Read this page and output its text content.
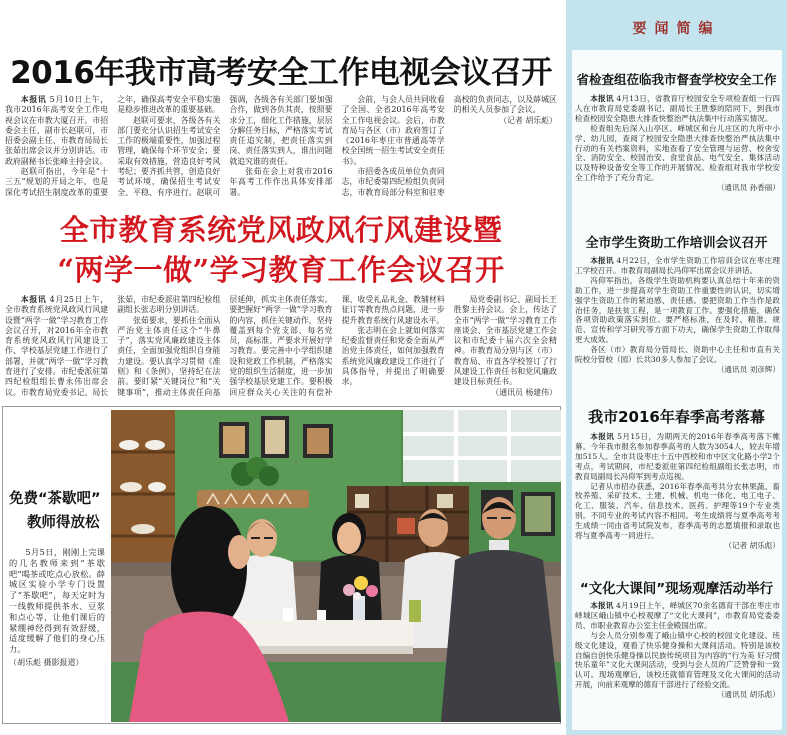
2016年我市高考安全工作电视会议召开

本报讯 5月10日上午，我市2016年高考安全工作电视会议在市教大厦召开。市招委会主任、副市长赵联可，市招委会副主任、市教育局局长张茹出席会议并分别讲话。市政府副秘书长张峰主持会议。

赵联可指出，今年是“十三五”规划的开局之年，也是深化考试招生制度改革的重要之年，确保高考安全平稳实施是稳步推进改革的重要基础。

赵联可要求，各级各有关部门要充分认识招生考试安全工作的极端重要性，加强过程管理，确保每个环节安全；要采取有效措施，营造良好考风考纪；要齐抓共管，创造良好考试环境，确保招生考试安全、平稳、有序进行。赵联可强调，各级各有关部门要加强合作，做到各负其责，按照要求分工，细化工作措施，层层分解任务目标，严格落实考试责任追究制，把责任落实到岗、责任落实到人，谁出问题就追究谁的责任。

张茹在会上对我市2016年高考工作作出具体安排部署。

会前，与会人员共同收看了全国、全省2016年高考安全工作电视会议。会后，市教育局与各区（市）政府签订了《2016年枣庄市普通高等学校全国统一招生考试安全责任书》。

市招委各成员单位负责同志，市纪委第四纪检组负责同志，市教育局部分科室和驻枣高校的负责同志，以及薛城区的相关人员参加了会议。

（记者 胡乐彪）

全市教育系统党风政风行风建设暨
“两学一做”学习教育工作会议召开

本报讯 4月25日上午，全市教育系统党风政风行风建设暨“两学一做”学习教育工作会议召开，对2016年全市教育系统党风政风行风建设工作、学校基层党建工作进行了部署，并就“两学一做”学习教育进行了安排。市纪委派驻第四纪检组组长曹永伟出席会议。市教育局党委书记、局长张茹，市纪委派驻第四纪检组副组长张志明分别讲话。

张茹要求，要抓住全面从严治党主体责任这个“牛鼻子”，落实党风廉政建设主体责任，全面加强党组织自身能力建设。要认真学习贯彻《准则》和《条例》，坚持纪在法前。要盯紧“关键岗位”和“关键事项”，推动主体责任向基层延伸，抓实主体责任落实。要把握好“两学一做”学习教育的内容，抓住关键动作，坚持覆盖到每个党支部、每名党员，高标准、严要求开展好学习教育。要完善中小学组织建设和党政工作机制，严格落实党的组织生活制度，进一步加强学校基层党建工作。要积极回应群众关心关注的有偿补课、收受礼品礼金、教辅材料征订等教育热点问题，进一步提升教育系统行风建设水平。

张志明在会上就如何落实纪委监督责任和党委全面从严治党主体责任，如何加强教育系统党风廉政建设工作进行了具体指导，并提出了明确要求。

局党委副书记、副局长王胜黎主持会议。会上，传达了全市“两学一做”学习教育工作座谈会、全市基层党建工作会议和市纪委十届六次全会精神。市教育局分别与区（市）教育局、市直各学校签订了行风建设工作责任书和党风廉政建设目标责任书。

（通讯员 杨建伟）

免费“茶歇吧”
教师得放松
5月5日，刚刚上完课的几名教师来到“茶歇吧”喝茶或吃点心放松。薛城区实验小学专门设置了“茶歇吧”，每天定时为一线教师提供茶水、豆浆和点心等，让他们课后的紧绷神经得到有效舒缓，适度缓解了他们的身心压力。
（胡乐彪 摄影报道）
要闻简编
省检查组莅临我市督查学校安全工作

本报讯 4月13日，省教育厅校园安全专项检查组一行四人在市教育局党委副书记、副局长王胜黎的陪同下，到我市检查校园安全隐患大排查快整治严执法集中行动落实情况。

检查组先后深入山亭区、峄城区和台儿庄区的九所中小学、幼儿园，查阅了校园安全隐患大排查快整治严执法集中行动的有关档案资料，实地查看了安全管理与运营、校舍安全、消防安全、校园治安、食堂食品、电气安全、集体活动以及特种设备安全等工作的开展情况。检查组对我市学校安全工作给予了充分肯定。

（通讯员 孙香丽）

全市学生资助工作培训会议召开

本报讯 4月22日，全市学生资助工作培训会议在枣庄理工学校召开。市教育局副局长冯仰军出席会议并讲话。

冯仰军指出，各级学生资助机构要认真总结十年来的资助工作，进一步提高对学生资助工作重要性的认识，切实增强学生资助工作的紧迫感、责任感。要把资助工作当作是政治任务，是扶贫工程，是一项教育工作。要强化措施，确保各项资助政策落实到位。要严格标准，在及时、精准、规范、宣传和学习研究等方面下功夫，确保学生资助工作取得更大成效。

各区（市）教育局分管局长、资助中心主任和市直有关院校分管校（园）长共30多人参加了会议。

（通讯员 刘彦辉）

我市2016年春季高考落幕

本报讯 5月15日，为期两天的2016年春季高考落下帷幕。今年我市报名参加春季高考的人数为3054人，较去年增加515人。全市共设枣庄十五中西校和市中区文化路小学2个考点，考试期间，市纪委派驻第四纪检组副组长张志明，市教育局副局长冯仰军到考点巡视。

记者从市招办获悉，2016年春季高考共分农林果蔬、畜牧养殖、采矿技术、土建、机械、机电一体化、电工电子、化工、服装、汽车、信息技术、医药、护理等19个专业类别。不同专业的考试内容不相同。考生成绩将与夏季高考考生成绩一同由省考试院发布，春季高考的志愿填报和录取也将与夏季高考一同进行。

（记者 胡乐彪）

“文化大课间”现场观摩活动举行

本报讯 4月19日上午，峄城区70余名德育干部在枣庄市峄城区峨山镇中心校观摩了“文化大课间”，市教育局党委委员、市职业教育办公室主任金殿国出席。

与会人员分别参观了峨山镇中心校的校园文化建设、班级文化建设，观看了快乐健身操和大课间活动。特别是该校自编自创快乐健身操以民族传统项目为内容的“行为美 好习惯 快乐童年”文化大课间活动，受到与会人员的广泛赞誉和一致认可。现场观摩后，该校还就德育管理及文化大课间的活动开展，向前来观摩的德育干部进行了经验交流。

（通讯员 胡乐彪）
